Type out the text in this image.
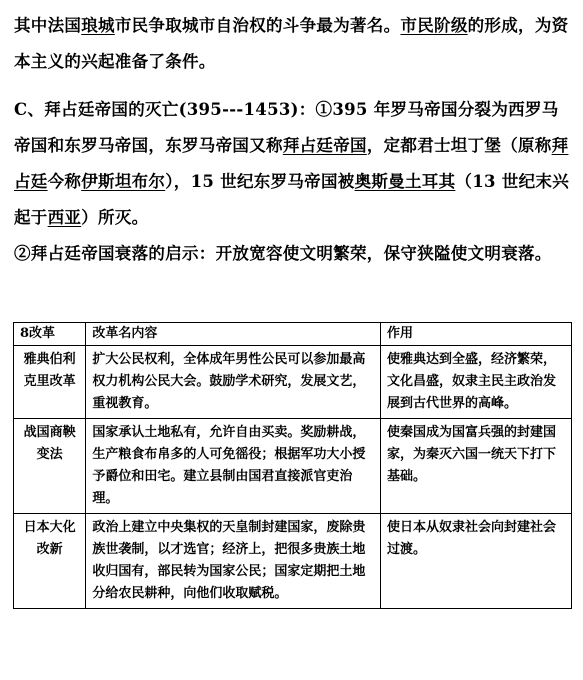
其中法国琅城市民争取城市自治权的斗争最为著名。市民阶级的形成，为资本主义的兴起准备了条件。
C、拜占廷帝国的灭亡(395---1453)：①395 年罗马帝国分裂为西罗马帝国和东罗马帝国，东罗马帝国又称拜占廷帝国，定都君士坦丁堡（原称拜占廷今称伊斯坦布尔），15 世纪东罗马帝国被奥斯曼土耳其（13 世纪末兴起于西亚）所灭。
②拜占廷帝国衰落的启示：开放宽容使文明繁荣，保守狭隘使文明衰落。
8改革	改革名内容	作用
雅典伯利克里改革	扩大公民权利，全体成年男性公民可以参加最高权力机构公民大会。鼓励学术研究，发展文艺，重视教育。	使雅典达到全盛，经济繁荣，文化昌盛，奴隶主民主政治发展到古代世界的高峰。
战国商鞅变法	国家承认土地私有，允许自由买卖。奖励耕战，生产粮食布帛多的人可免徭役；根据军功大小授予爵位和田宅。建立县制由国君直接派官吏治理。	使秦国成为国富兵强的封建国家，为秦灭六国一统天下打下基础。
日本大化改新	政治上建立中央集权的天皇制封建国家，废除贵族世袭制，以才选官；经济上，把很多贵族土地收归国有，部民转为国家公民；国家定期把土地分给农民耕种，向他们收取赋税。	使日本从奴隶社会向封建社会过渡。
